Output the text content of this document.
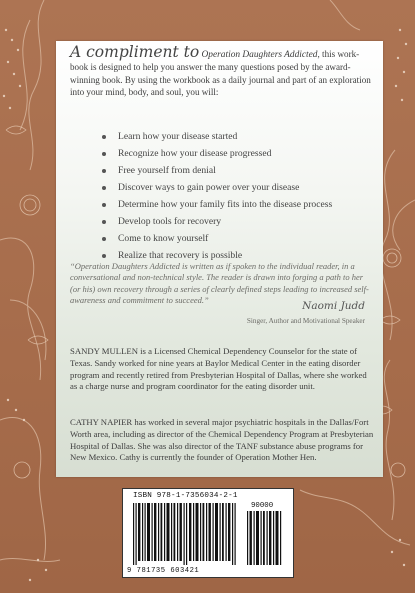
A compliment to Operation Daughters Addicted, this work-book is designed to help you answer the many questions posed by the award-winning book. By using the workbook as a daily journal and part of an exploration into your mind, body, and soul, you will:

Learn how your disease started
Recognize how your disease progressed
Free yourself from denial
Discover ways to gain power over your disease
Determine how your family fits into the disease process
Develop tools for recovery
Come to know yourself
Realize that recovery is possible

“Operation Daughters Addicted is written as if spoken to the individual reader, in a conversational and non-technical style. The reader is drawn into forging a path to her (or his) own recovery through a series of clearly defined steps leading to increased self-awareness and commitment to succeed.”

Naomi Judd
Singer, Author and Motivational Speaker

SANDY MULLEN is a Licensed Chemical Dependency Counselor for the state of Texas. Sandy worked for nine years at Baylor Medical Center in the eating disorder program and recently retired from Presbyterian Hospital of Dallas, where she worked as a charge nurse and program coordinator for the eating disorder unit.

CATHY NAPIER has worked in several major psychiatric hospitals in the Dallas/Fort Worth area, including as director of the Chemical Dependency Program at Presbyterian Hospital of Dallas. She was also director of the TANF substance abuse programs for New Mexico. Cathy is currently the founder of Operation Mother Hen.

ISBN 978-1-7356034-2-1
90000
9 781735 603421
